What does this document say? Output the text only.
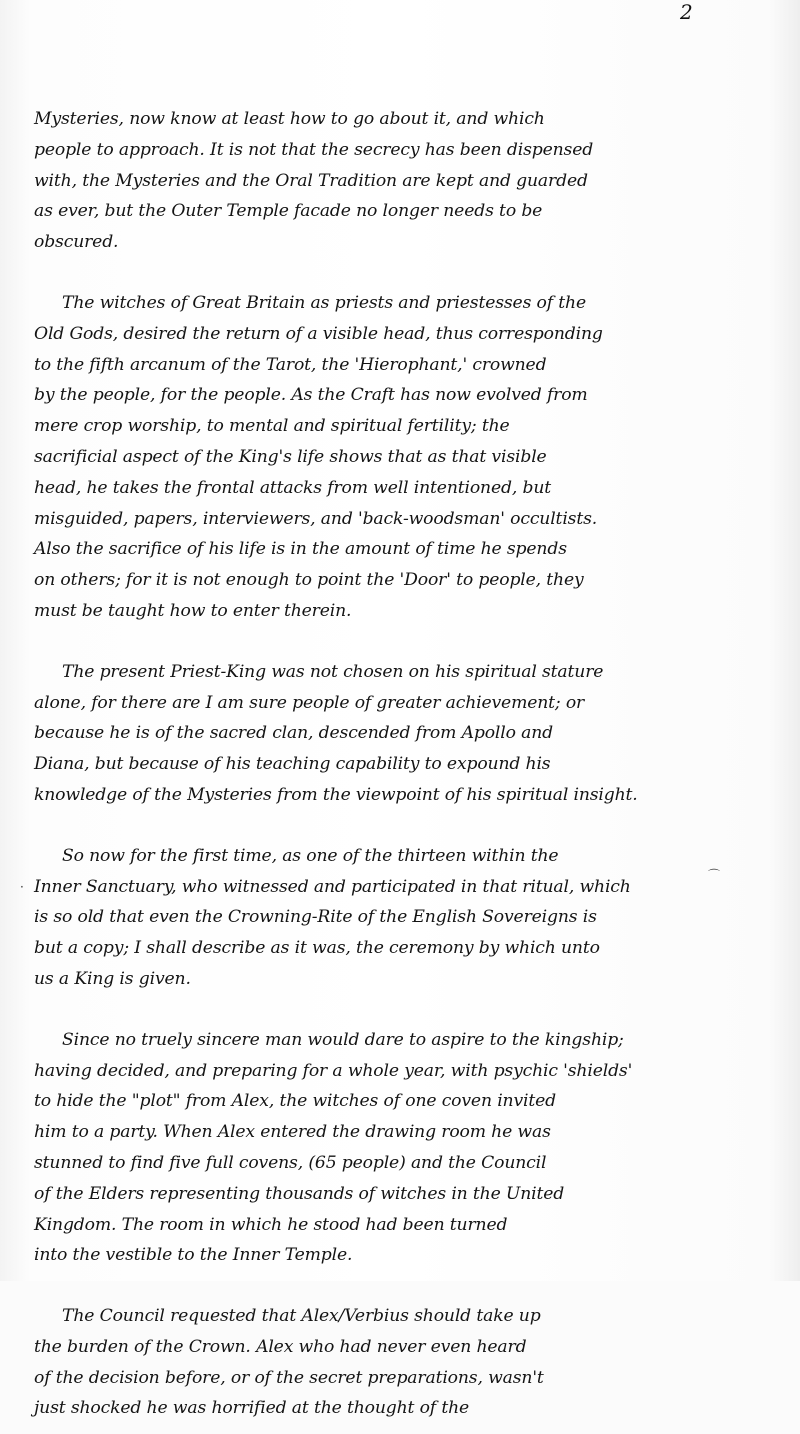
2
Mysteries, now know at least how to go about it, and which
people to approach. It is not that the secrecy has been dispensed
with, the Mysteries and the Oral Tradition are kept and guarded
as ever, but the Outer Temple facade no longer needs to be
obscured.
The witches of Great Britain as priests and priestesses of the
Old Gods, desired the return of a visible head, thus corresponding
to the fifth arcanum of the Tarot, the 'Hierophant,' crowned
by the people, for the people. As the Craft has now evolved from
mere crop worship, to mental and spiritual fertility; the
sacrificial aspect of the King's life shows that as that visible
head, he takes the frontal attacks from well intentioned, but
misguided, papers, interviewers, and 'back-woodsman' occultists.
Also the sacrifice of his life is in the amount of time he spends
on others; for it is not enough to point the 'Door' to people, they
must be taught how to enter therein.
The present Priest-King was not chosen on his spiritual stature
alone, for there are I am sure people of greater achievement; or
because he is of the sacred clan, descended from Apollo and
Diana, but because of his teaching capability to expound his
knowledge of the Mysteries from the viewpoint of his spiritual insight.
So now for the first time, as one of the thirteen within the
Inner Sanctuary, who witnessed and participated in that ritual, which
is so old that even the Crowning-Rite of the English Sovereigns is
but a copy; I shall describe as it was, the ceremony by which unto
us a King is given.
Since no truely sincere man would dare to aspire to the kingship;
having decided, and preparing for a whole year, with psychic 'shields'
to hide the "plot" from Alex, the witches of one coven invited
him to a party. When Alex entered the drawing room he was
stunned to find five full covens, (65 people) and the Council
of the Elders representing thousands of witches in the United
Kingdom. The room in which he stood had been turned
into the vestible to the Inner Temple.
The Council requested that Alex/Verbius should take up
the burden of the Crown. Alex who had never even heard
of the decision before, or of the secret preparations, wasn't
just shocked he was horrified at the thought of the
·
⌒
